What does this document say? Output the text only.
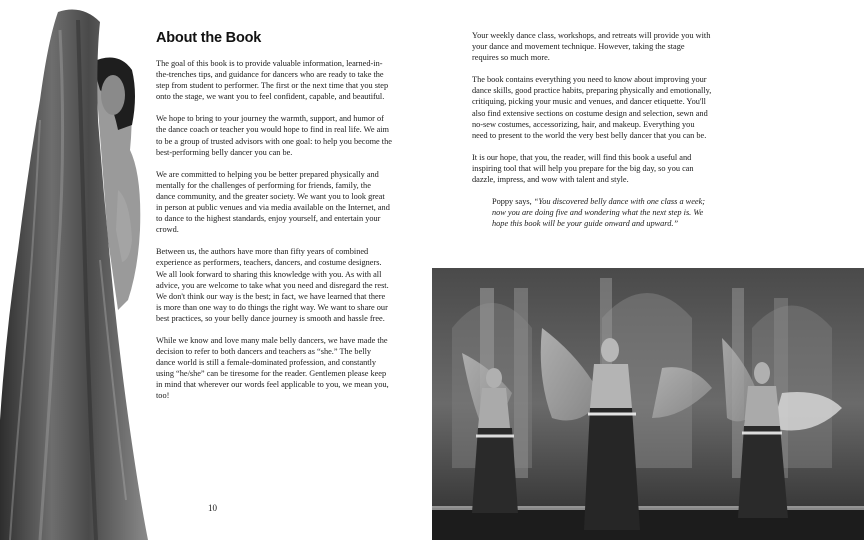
About the Book

The goal of this book is to provide valuable information, learned-in-the-trenches tips, and guidance for dancers who are ready to take the step from student to performer. The first or the next time that you step onto the stage, we want you to feel confident, capable, and beautiful.

We hope to bring to your journey the warmth, support, and humor of the dance coach or teacher you would hope to find in real life. We aim to be a group of trusted advisors with one goal: to help you become the best-performing belly dancer you can be.

We are committed to helping you be better prepared physically and mentally for the challenges of performing for friends, family, the dance community, and the greater society. We want you to look great in person at public venues and via media available on the Internet, and to dance to the highest standards, enjoy yourself, and entertain your crowd.

Between us, the authors have more than fifty years of combined experience as performers, teachers, dancers, and costume designers. We all look forward to sharing this knowledge with you. As with all advice, you are welcome to take what you need and disregard the rest. We don't think our way is the best; in fact, we have learned that there is more than one way to do things the right way. We want to share our best practices, so your belly dance journey is smooth and hassle free.

While we know and love many male belly dancers, we have made the decision to refer to both dancers and teachers as “she.” The belly dance world is still a female-dominated profession, and constantly using “he/she” can be tiresome for the reader. Gentlemen please keep in mind that wherever our words feel applicable to you, we mean you, too!

10

Your weekly dance class, workshops, and retreats will provide you with your dance and movement technique. However, taking the stage requires so much more.

The book contains everything you need to know about improving your dance skills, good practice habits, preparing physically and emotionally, critiquing, picking your music and venues, and dancer etiquette. You'll also find extensive sections on costume design and selection, sewn and no-sew costumes, accessorizing, hair, and makeup. Everything you need to present to the world the very best belly dancer that you can be.

It is our hope, that you, the reader, will find this book a useful and inspiring tool that will help you prepare for the big day, so you can dazzle, impress, and wow with talent and style.

Poppy says, “You discovered belly dance with one class a week; now you are doing five and wondering what the next step is. We hope this book will be your guide onward and upward.”
